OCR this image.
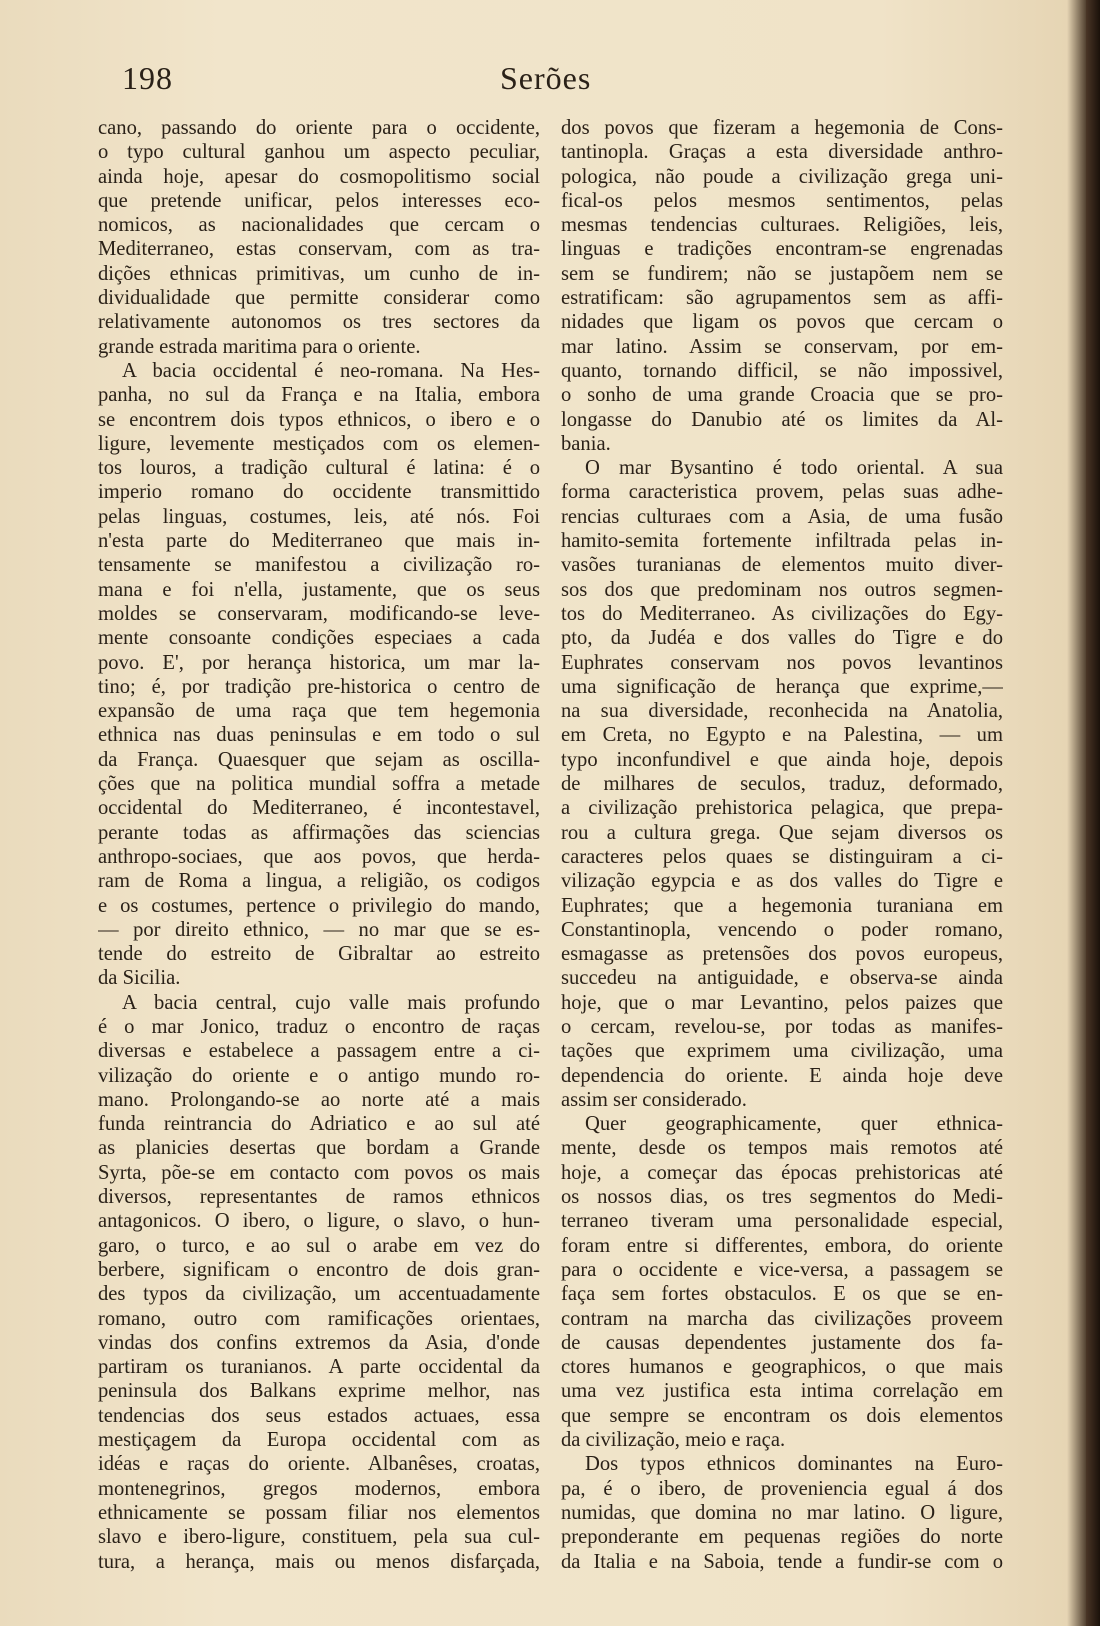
198	Serões
cano, passando do oriente para o occidente,
o typo cultural ganhou um aspecto peculiar,
ainda hoje, apesar do cosmopolitismo social
que pretende unificar, pelos interesses eco-
nomicos, as nacionalidades que cercam o
Mediterraneo, estas conservam, com as tra-
dições ethnicas primitivas, um cunho de in-
dividualidade que permitte considerar como
relativamente autonomos os tres sectores da
grande estrada maritima para o oriente.
A bacia occidental é neo-romana. Na Hes-
panha, no sul da França e na Italia, embora
se encontrem dois typos ethnicos, o ibero e o
ligure, levemente mestiçados com os elemen-
tos louros, a tradição cultural é latina: é o
imperio romano do occidente transmittido
pelas linguas, costumes, leis, até nós. Foi
n'esta parte do Mediterraneo que mais in-
tensamente se manifestou a civilização ro-
mana e foi n'ella, justamente, que os seus
moldes se conservaram, modificando-se leve-
mente consoante condições especiaes a cada
povo. E', por herança historica, um mar la-
tino; é, por tradição pre-historica o centro de
expansão de uma raça que tem hegemonia
ethnica nas duas peninsulas e em todo o sul
da França. Quaesquer que sejam as oscilla-
ções que na politica mundial soffra a metade
occidental do Mediterraneo, é incontestavel,
perante todas as affirmações das sciencias
anthropo-sociaes, que aos povos, que herda-
ram de Roma a lingua, a religião, os codigos
e os costumes, pertence o privilegio do mando,
— por direito ethnico, — no mar que se es-
tende do estreito de Gibraltar ao estreito
da Sicilia.
A bacia central, cujo valle mais profundo
é o mar Jonico, traduz o encontro de raças
diversas e estabelece a passagem entre a ci-
vilização do oriente e o antigo mundo ro-
mano. Prolongando-se ao norte até a mais
funda reintrancia do Adriatico e ao sul até
as planicies desertas que bordam a Grande
Syrta, põe-se em contacto com povos os mais
diversos, representantes de ramos ethnicos
antagonicos. O ibero, o ligure, o slavo, o hun-
garo, o turco, e ao sul o arabe em vez do
berbere, significam o encontro de dois gran-
des typos da civilização, um accentuadamente
romano, outro com ramificações orientaes,
vindas dos confins extremos da Asia, d'onde
partiram os turanianos. A parte occidental da
peninsula dos Balkans exprime melhor, nas
tendencias dos seus estados actuaes, essa
mestiçagem da Europa occidental com as
idéas e raças do oriente. Albanêses, croatas,
montenegrinos, gregos modernos, embora
ethnicamente se possam filiar nos elementos
slavo e ibero-ligure, constituem, pela sua cul-
tura, a herança, mais ou menos disfarçada,
dos povos que fizeram a hegemonia de Cons-
tantinopla. Graças a esta diversidade anthro-
pologica, não poude a civilização grega uni-
fical-os pelos mesmos sentimentos, pelas
mesmas tendencias culturaes. Religiões, leis,
linguas e tradições encontram-se engrenadas
sem se fundirem; não se justapõem nem se
estratificam: são agrupamentos sem as affi-
nidades que ligam os povos que cercam o
mar latino. Assim se conservam, por em-
quanto, tornando difficil, se não impossivel,
o sonho de uma grande Croacia que se pro-
longasse do Danubio até os limites da Al-
bania.
O mar Bysantino é todo oriental. A sua
forma caracteristica provem, pelas suas adhe-
rencias culturaes com a Asia, de uma fusão
hamito-semita fortemente infiltrada pelas in-
vasões turanianas de elementos muito diver-
sos dos que predominam nos outros segmen-
tos do Mediterraneo. As civilizações do Egy-
pto, da Judéa e dos valles do Tigre e do
Euphrates conservam nos povos levantinos
uma significação de herança que exprime,—
na sua diversidade, reconhecida na Anatolia,
em Creta, no Egypto e na Palestina, — um
typo inconfundivel e que ainda hoje, depois
de milhares de seculos, traduz, deformado,
a civilização prehistorica pelagica, que prepa-
rou a cultura grega. Que sejam diversos os
caracteres pelos quaes se distinguiram a ci-
vilização egypcia e as dos valles do Tigre e
Euphrates; que a hegemonia turaniana em
Constantinopla, vencendo o poder romano,
esmagasse as pretensões dos povos europeus,
succedeu na antiguidade, e observa-se ainda
hoje, que o mar Levantino, pelos paizes que
o cercam, revelou-se, por todas as manifes-
tações que exprimem uma civilização, uma
dependencia do oriente. E ainda hoje deve
assim ser considerado.
Quer geographicamente, quer ethnica-
mente, desde os tempos mais remotos até
hoje, a começar das épocas prehistoricas até
os nossos dias, os tres segmentos do Medi-
terraneo tiveram uma personalidade especial,
foram entre si differentes, embora, do oriente
para o occidente e vice-versa, a passagem se
faça sem fortes obstaculos. E os que se en-
contram na marcha das civilizações proveem
de causas dependentes justamente dos fa-
ctores humanos e geographicos, o que mais
uma vez justifica esta intima correlação em
que sempre se encontram os dois elementos
da civilização, meio e raça.
Dos typos ethnicos dominantes na Euro-
pa, é o ibero, de proveniencia egual á dos
numidas, que domina no mar latino. O ligure,
preponderante em pequenas regiões do norte
da Italia e na Saboia, tende a fundir-se com o
